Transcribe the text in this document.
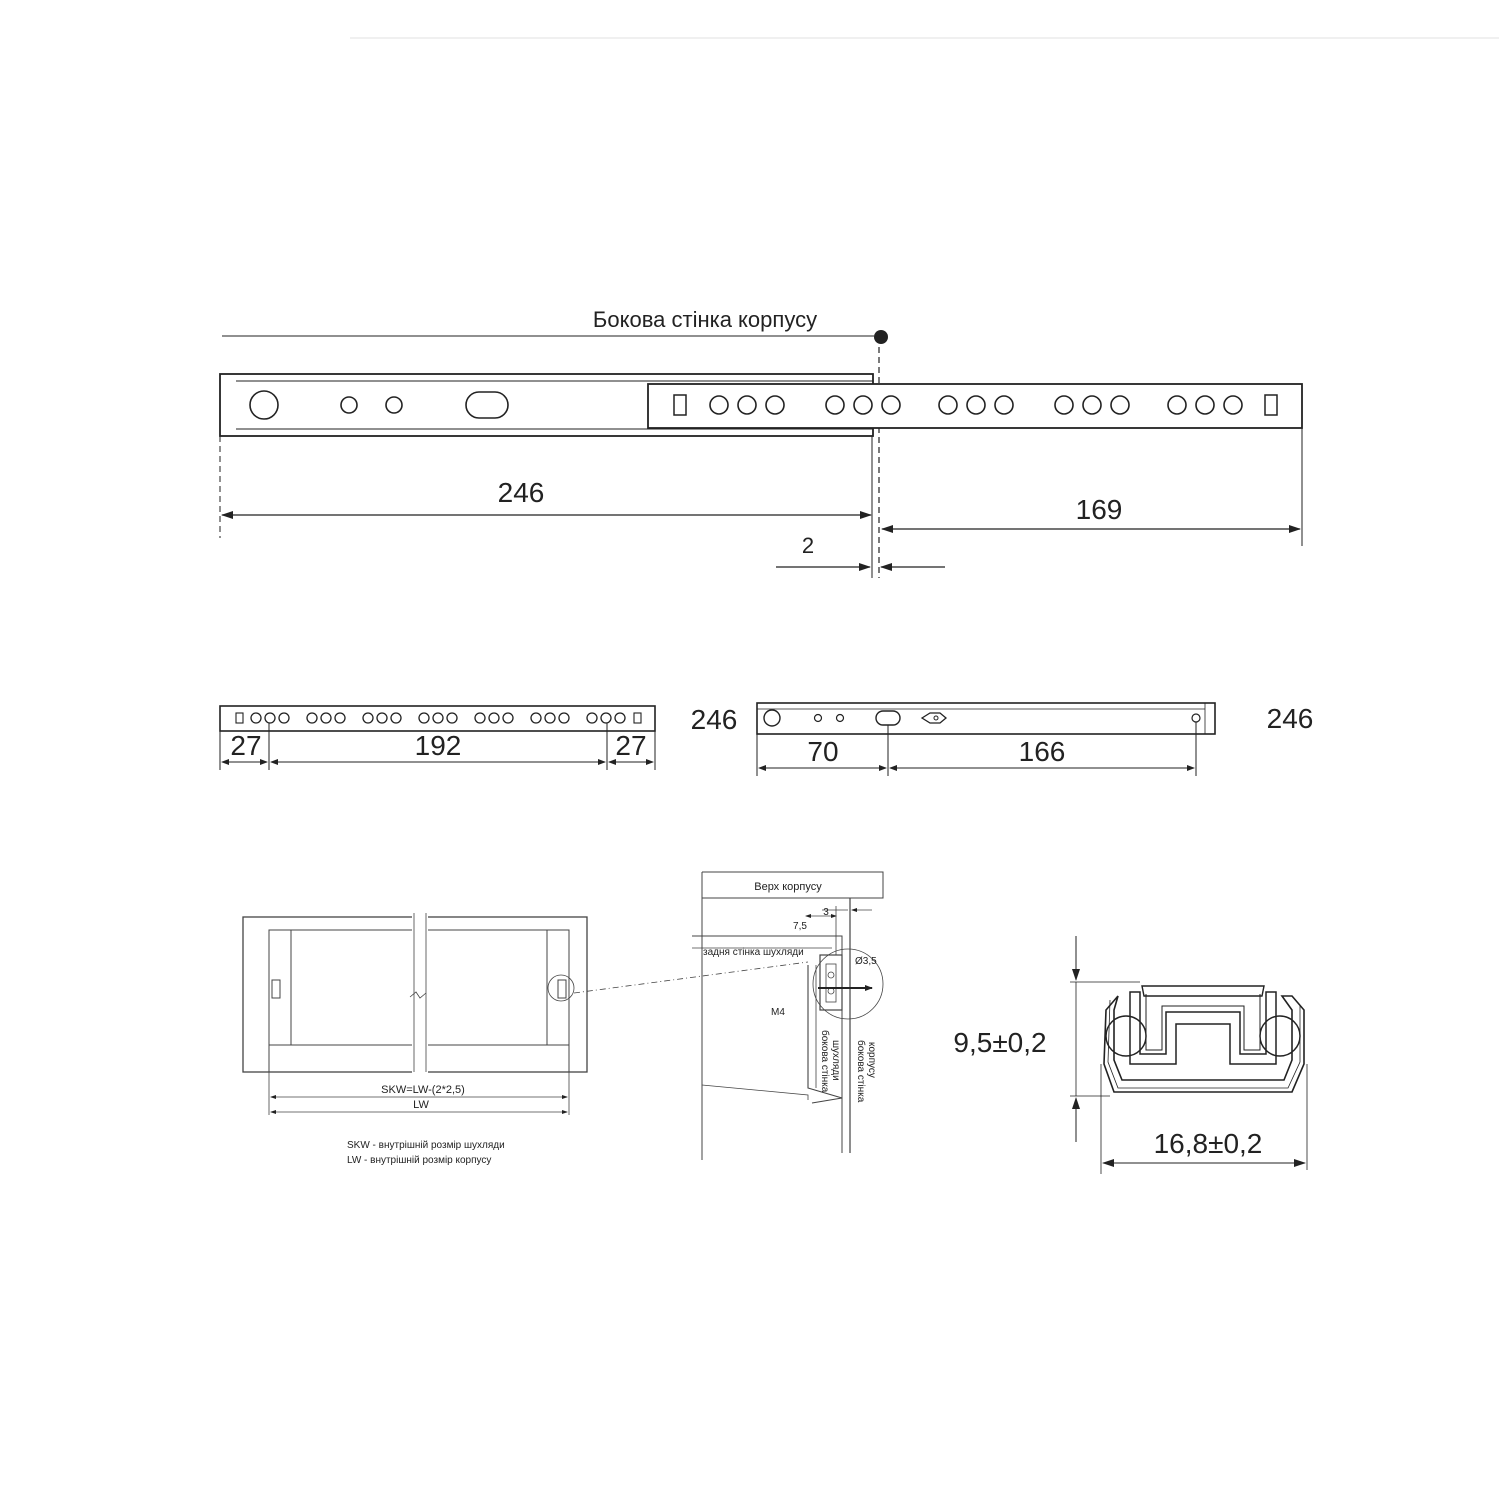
Бокова стінка корпусу
246
169
2
27	192	27
246
70	166
246
SKW=LW-(2*2,5)
LW
SKW - внутрішній розмір шухляди
LW - внутрішній розмір корпусу
Верх корпусу
задня стінка шухляди
7,5
3
Ø3,5
M4
бокова стінка шухляди бокова стінка корпусу	9,5±0,2
16,8±0,2
